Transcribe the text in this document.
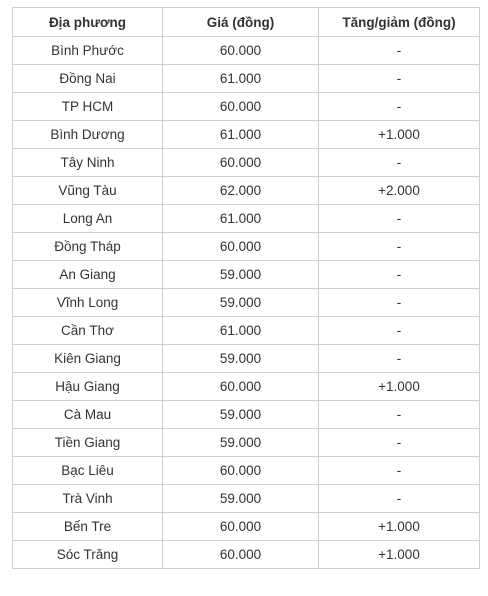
Địa phương	Giá (đồng)	Tăng/giảm (đồng)
Bình Phước	60.000	-
Đồng Nai	61.000	-
TP HCM	60.000	-
Bình Dương	61.000	+1.000
Tây Ninh	60.000	-
Vũng Tàu	62.000	+2.000
Long An	61.000	-
Đồng Tháp	60.000	-
An Giang	59.000	-
Vĩnh Long	59.000	-
Cần Thơ	61.000	-
Kiên Giang	59.000	-
Hậu Giang	60.000	+1.000
Cà Mau	59.000	-
Tiền Giang	59.000	-
Bạc Liêu	60.000	-
Trà Vinh	59.000	-
Bến Tre	60.000	+1.000
Sóc Trăng	60.000	+1.000
